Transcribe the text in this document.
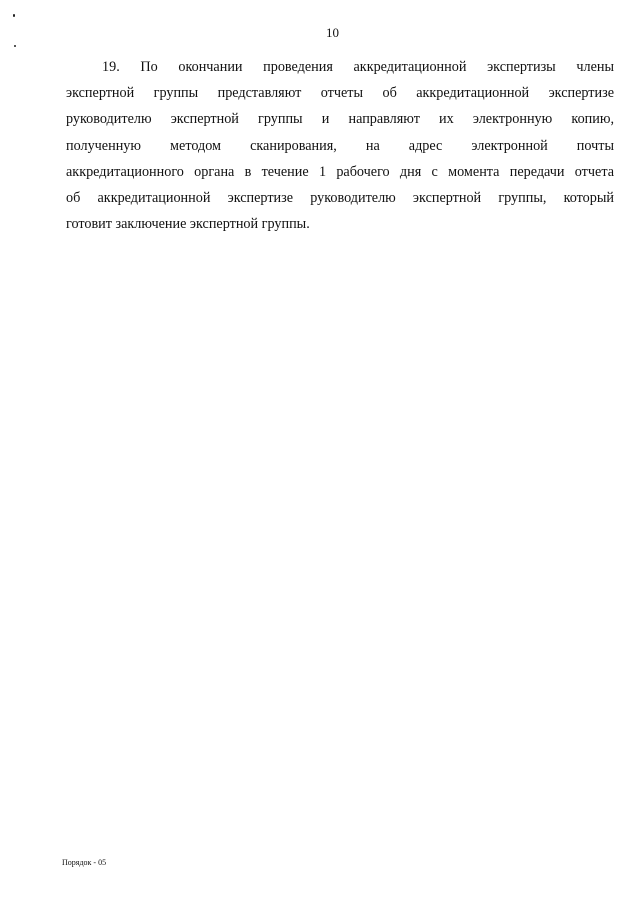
10
19. По окончании проведения аккредитационной экспертизы члены
экспертной группы представляют отчеты об аккредитационной экспертизе
руководителю экспертной группы и направляют их электронную копию,
полученную методом сканирования, на адрес электронной почты
аккредитационного органа в течение 1 рабочего дня с момента передачи отчета
об аккредитационной экспертизе руководителю экспертной группы, который
готовит заключение экспертной группы.
Порядок - 05
